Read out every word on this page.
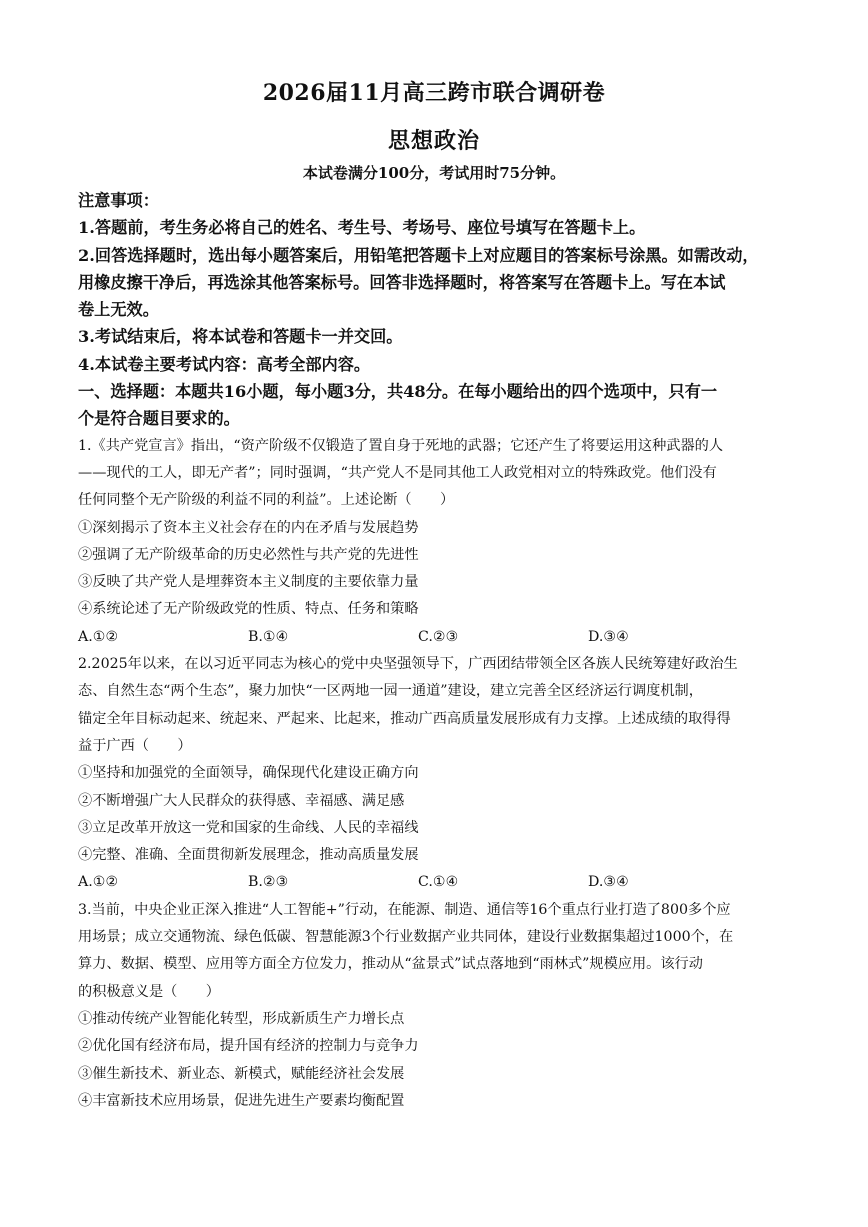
2026届11月高三跨市联合调研卷
思想政治
本试卷满分100分，考试用时75分钟。
注意事项：
1.答题前，考生务必将自己的姓名、考生号、考场号、座位号填写在答题卡上。
2.回答选择题时，选出每小题答案后，用铅笔把答题卡上对应题目的答案标号涂黑。如需改动，
用橡皮擦干净后，再选涂其他答案标号。回答非选择题时，将答案写在答题卡上。写在本试
卷上无效。
3.考试结束后，将本试卷和答题卡一并交回。
4.本试卷主要考试内容：高考全部内容。
一、选择题：本题共16小题，每小题3分，共48分。在每小题给出的四个选项中，只有一
个是符合题目要求的。
1.《共产党宣言》指出，“资产阶级不仅锻造了置自身于死地的武器；它还产生了将要运用这种武器的人
——现代的工人，即无产者”；同时强调，“共产党人不是同其他工人政党相对立的特殊政党。他们没有
任何同整个无产阶级的利益不同的利益”。上述论断（　　）
①深刻揭示了资本主义社会存在的内在矛盾与发展趋势
②强调了无产阶级革命的历史必然性与共产党的先进性
③反映了共产党人是埋葬资本主义制度的主要依靠力量
④系统论述了无产阶级政党的性质、特点、任务和策略
A.①②	B.①④	C.②③	D.③④
2.2025年以来，在以习近平同志为核心的党中央坚强领导下，广西团结带领全区各族人民统筹建好政治生
态、自然生态“两个生态”，聚力加快“一区两地一园一通道”建设，建立完善全区经济运行调度机制，
锚定全年目标动起来、统起来、严起来、比起来，推动广西高质量发展形成有力支撑。上述成绩的取得得
益于广西（　　）
①坚持和加强党的全面领导，确保现代化建设正确方向
②不断增强广大人民群众的获得感、幸福感、满足感
③立足改革开放这一党和国家的生命线、人民的幸福线
④完整、准确、全面贯彻新发展理念，推动高质量发展
A.①②	B.②③	C.①④	D.③④
3.当前，中央企业正深入推进“人工智能+”行动，在能源、制造、通信等16个重点行业打造了800多个应
用场景；成立交通物流、绿色低碳、智慧能源3个行业数据产业共同体，建设行业数据集超过1000个，在
算力、数据、模型、应用等方面全方位发力，推动从“盆景式”试点落地到“雨林式”规模应用。该行动
的积极意义是（　　）
①推动传统产业智能化转型，形成新质生产力增长点
②优化国有经济布局，提升国有经济的控制力与竞争力
③催生新技术、新业态、新模式，赋能经济社会发展
④丰富新技术应用场景，促进先进生产要素均衡配置
